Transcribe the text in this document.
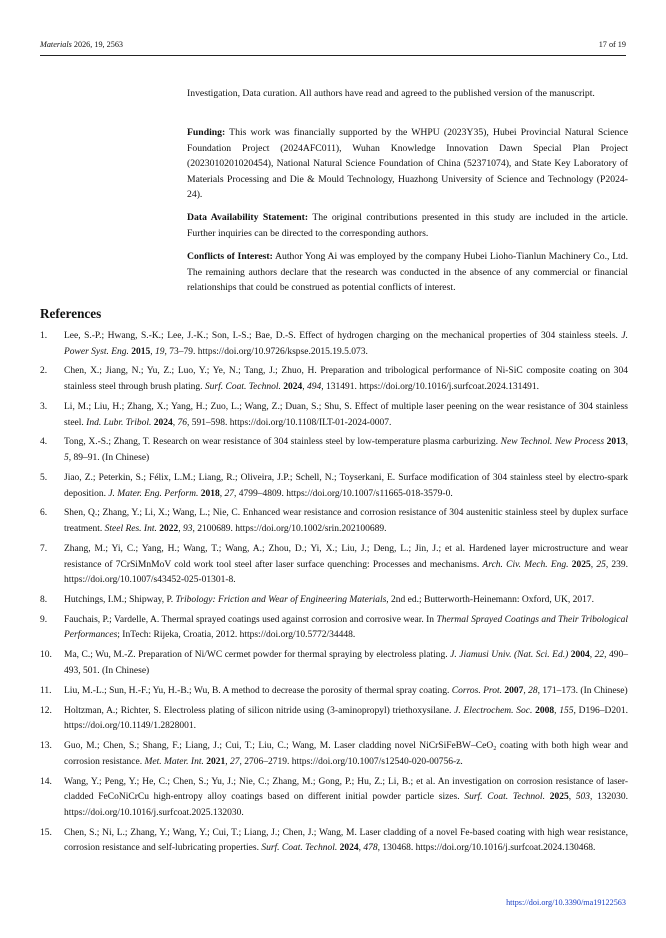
Materials 2026, 19, 2563	17 of 19

Investigation, Data curation. All authors have read and agreed to the published version of the manuscript.

Funding: This work was financially supported by the WHPU (2023Y35), Hubei Provincial Natural Science Foundation Project (2024AFC011), Wuhan Knowledge Innovation Dawn Special Plan Project (2023010201020454), National Natural Science Foundation of China (52371074), and State Key Laboratory of Materials Processing and Die & Mould Technology, Huazhong University of Science and Technology (P2024-24).

Data Availability Statement: The original contributions presented in this study are included in the article. Further inquiries can be directed to the corresponding authors.

Conflicts of Interest: Author Yong Ai was employed by the company Hubei Lioho-Tianlun Machinery Co., Ltd. The remaining authors declare that the research was conducted in the absence of any commercial or financial relationships that could be construed as potential conflicts of interest.

References
1. Lee, S.-P.; Hwang, S.-K.; Lee, J.-K.; Son, I.-S.; Bae, D.-S. Effect of hydrogen charging on the mechanical properties of 304 stainless steels. J. Power Syst. Eng. 2015, 19, 73–79. https://doi.org/10.9726/kspse.2015.19.5.073.
2. Chen, X.; Jiang, N.; Yu, Z.; Luo, Y.; Ye, N.; Tang, J.; Zhuo, H. Preparation and tribological performance of Ni-SiC composite coating on 304 stainless steel through brush plating. Surf. Coat. Technol. 2024, 494, 131491. https://doi.org/10.1016/j.surfcoat.2024.131491.
3. Li, M.; Liu, H.; Zhang, X.; Yang, H.; Zuo, L.; Wang, Z.; Duan, S.; Shu, S. Effect of multiple laser peening on the wear resistance of 304 stainless steel. Ind. Lubr. Tribol. 2024, 76, 591–598. https://doi.org/10.1108/ILT-01-2024-0007.
4. Tong, X.-S.; Zhang, T. Research on wear resistance of 304 stainless steel by low-temperature plasma carburizing. New Technol. New Process 2013, 5, 89–91. (In Chinese)
5. Jiao, Z.; Peterkin, S.; Félix, L.M.; Liang, R.; Oliveira, J.P.; Schell, N.; Toyserkani, E. Surface modification of 304 stainless steel by electro-spark deposition. J. Mater. Eng. Perform. 2018, 27, 4799–4809. https://doi.org/10.1007/s11665-018-3579-0.
6. Shen, Q.; Zhang, Y.; Li, X.; Wang, L.; Nie, C. Enhanced wear resistance and corrosion resistance of 304 austenitic stainless steel by duplex surface treatment. Steel Res. Int. 2022, 93, 2100689. https://doi.org/10.1002/srin.202100689.
7. Zhang, M.; Yi, C.; Yang, H.; Wang, T.; Wang, A.; Zhou, D.; Yi, X.; Liu, J.; Deng, L.; Jin, J.; et al. Hardened layer microstructure and wear resistance of 7CrSiMnMoV cold work tool steel after laser surface quenching: Processes and mechanisms. Arch. Civ. Mech. Eng. 2025, 25, 239. https://doi.org/10.1007/s43452-025-01301-8.
8. Hutchings, I.M.; Shipway, P. Tribology: Friction and Wear of Engineering Materials, 2nd ed.; Butterworth-Heinemann: Oxford, UK, 2017.
9. Fauchais, P.; Vardelle, A. Thermal sprayed coatings used against corrosion and corrosive wear. In Thermal Sprayed Coatings and Their Tribological Performances; InTech: Rijeka, Croatia, 2012. https://doi.org/10.5772/34448.
10. Ma, C.; Wu, M.-Z. Preparation of Ni/WC cermet powder for thermal spraying by electroless plating. J. Jiamusi Univ. (Nat. Sci. Ed.) 2004, 22, 490–493, 501. (In Chinese)
11. Liu, M.-L.; Sun, H.-F.; Yu, H.-B.; Wu, B. A method to decrease the porosity of thermal spray coating. Corros. Prot. 2007, 28, 171–173. (In Chinese)
12. Holtzman, A.; Richter, S. Electroless plating of silicon nitride using (3-aminopropyl) triethoxysilane. J. Electrochem. Soc. 2008, 155, D196–D201. https://doi.org/10.1149/1.2828001.
13. Guo, M.; Chen, S.; Shang, F.; Liang, J.; Cui, T.; Liu, C.; Wang, M. Laser cladding novel NiCrSiFeBW–CeO₂ coating with both high wear and corrosion resistance. Met. Mater. Int. 2021, 27, 2706–2719. https://doi.org/10.1007/s12540-020-00756-z.
14. Wang, Y.; Peng, Y.; He, C.; Chen, S.; Yu, J.; Nie, C.; Zhang, M.; Gong, P.; Hu, Z.; Li, B.; et al. An investigation on corrosion resistance of laser-cladded FeCoNiCrCu high-entropy alloy coatings based on different initial powder particle sizes. Surf. Coat. Technol. 2025, 503, 132030. https://doi.org/10.1016/j.surfcoat.2025.132030.
15. Chen, S.; Ni, L.; Zhang, Y.; Wang, Y.; Cui, T.; Liang, J.; Chen, J.; Wang, M. Laser cladding of a novel Fe-based coating with high wear resistance, corrosion resistance and self-lubricating properties. Surf. Coat. Technol. 2024, 478, 130468. https://doi.org/10.1016/j.surfcoat.2024.130468.
https://doi.org/10.3390/ma19122563
